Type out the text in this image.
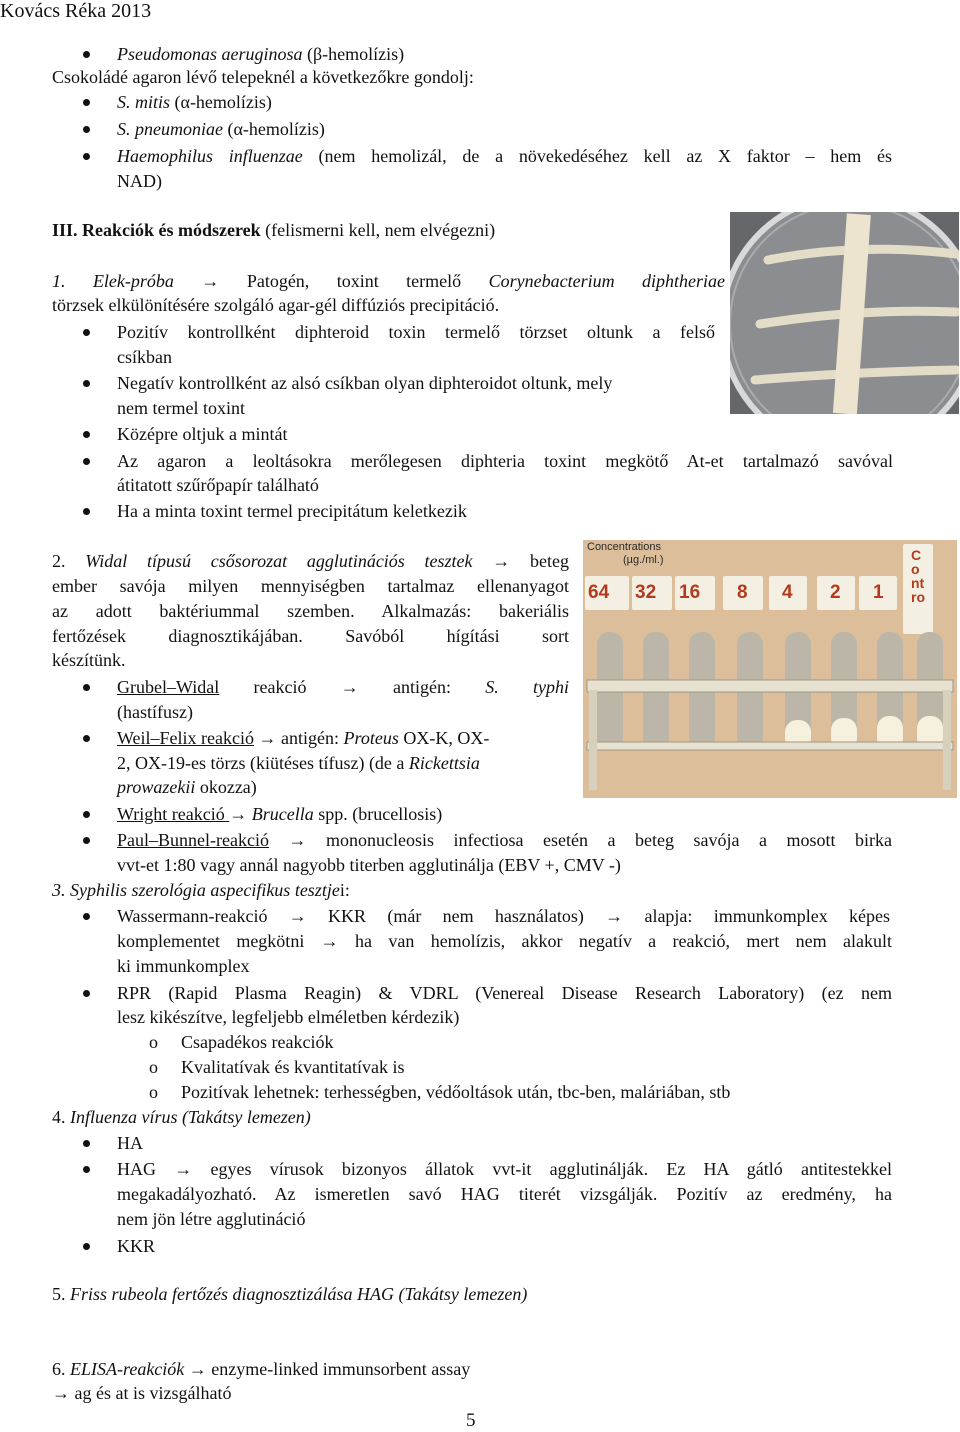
Kovács Réka 2013
Pseudomonas aeruginosa (β-hemolízis)
Csokoládé agaron lévő telepeknél a következőkre gondolj:
S. mitis (α-hemolízis)
S. pneumoniae (α-hemolízis)
Haemophilus influenzae (nem hemolizál, de a növekedéséhez kell az X faktor – hem és
NAD)
III. Reakciók és módszerek (felismerni kell, nem elvégezni)
1. Elek-próba → Patogén, toxint termelő Corynebacterium diphtheriae
törzsek elkülönítésére szolgáló agar-gél diffúziós precipitáció.
Pozitív kontrollként diphteroid toxin termelő törzset oltunk a felső
csíkban
Negatív kontrollként az alsó csíkban olyan diphteroidot oltunk, mely
nem termel toxint
Középre oltjuk a mintát
Az agaron a leoltásokra merőlegesen diphteria toxint megkötő At-et tartalmazó savóval
átitatott szűrőpapír található
Ha a minta toxint termel precipitátum keletkezik
Concentrations
(µg./ml.)
64 32 16 8 4 2 1
Contro
2. Widal típusú csősorozat agglutinációs tesztek → beteg
ember savója milyen mennyiségben tartalmaz ellenanyagot
az adott baktériummal szemben. Alkalmazás: bakeriális
fertőzések diagnosztikájában. Savóból hígítási sort
készítünk.
Grubel–Widal reakció → antigén: S. typhi
(hastífusz)
Weil–Felix reakció → antigén: Proteus OX-K, OX-
2, OX-19-es törzs (kiütéses tífusz) (de a Rickettsia
prowazekii okozza)
Wright reakció → Brucella spp. (brucellosis)
Paul–Bunnel-reakció → mononucleosis infectiosa esetén a beteg savója a mosott birka
vvt-et 1:80 vagy annál nagyobb titerben agglutinálja (EBV +, CMV -)
3. Syphilis szerológia aspecifikus tesztjei:
Wassermann-reakció → KKR (már nem használatos) → alapja: immunkomplex képes
komplementet megkötni → ha van hemolízis, akkor negatív a reakció, mert nem alakult
ki immunkomplex
RPR (Rapid Plasma Reagin) & VDRL (Venereal Disease Research Laboratory) (ez nem
lesz kikészítve, legfeljebb elméletben kérdezik)
o Csapadékos reakciók
o Kvalitatívak és kvantitatívak is
o Pozitívak lehetnek: terhességben, védőoltások után, tbc-ben, maláriában, stb
4. Influenza vírus (Takátsy lemezen)
HA
HAG → egyes vírusok bizonyos állatok vvt-it agglutinálják. Ez HA gátló antitestekkel
megakadályozható. Az ismeretlen savó HAG titerét vizsgálják. Pozitív az eredmény, ha
nem jön létre agglutináció
KKR
5. Friss rubeola fertőzés diagnosztizálása HAG (Takátsy lemezen)
6. ELISA-reakciók → enzyme-linked immunsorbent assay
→ ag és at is vizsgálható
5
